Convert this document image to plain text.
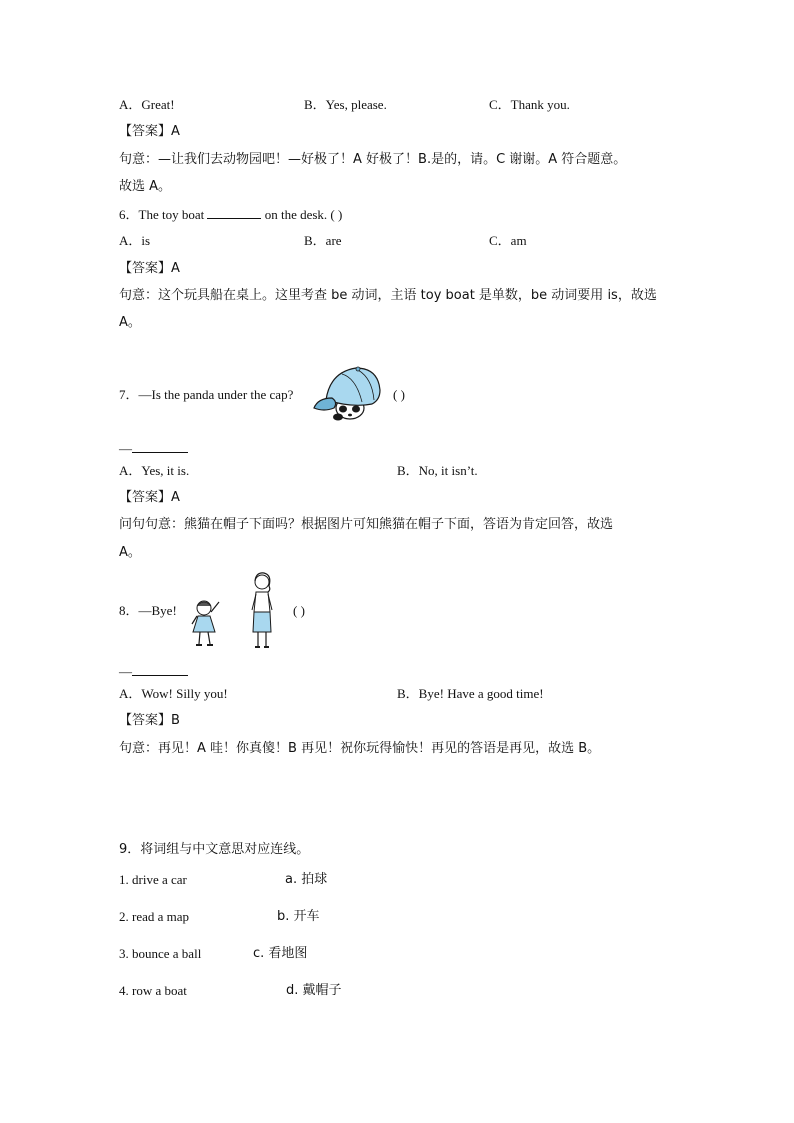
A．Great!	B．Yes, please.	C．Thank you.
【答案】A
句意：—让我们去动物园吧！—好极了！A 好极了！B.是的，请。C 谢谢。A 符合题意。
故选 A。
6．The toy boat	on the desk. ( )
A．is	B．are	C．am
【答案】A
句意：这个玩具船在桌上。这里考查 be 动词，主语 toy boat 是单数，be 动词要用 is，故选
A。
7．—Is the panda under the cap?	( )
—
A．Yes, it is.	B．No, it isn’t.
【答案】A
问句句意：熊猫在帽子下面吗？根据图片可知熊猫在帽子下面，答语为肯定回答，故选
A。
8．—Bye!	( )
—
A．Wow! Silly you!	B．Bye! Have a good time!
【答案】B
句意：再见！A 哇！你真傻！B 再见！祝你玩得愉快！再见的答语是再见，故选 B。
9．将词组与中文意思对应连线。
1. drive a car	a. 拍球
2. read a map	b. 开车
3. bounce a ball	c. 看地图
4. row a boat	d. 戴帽子
